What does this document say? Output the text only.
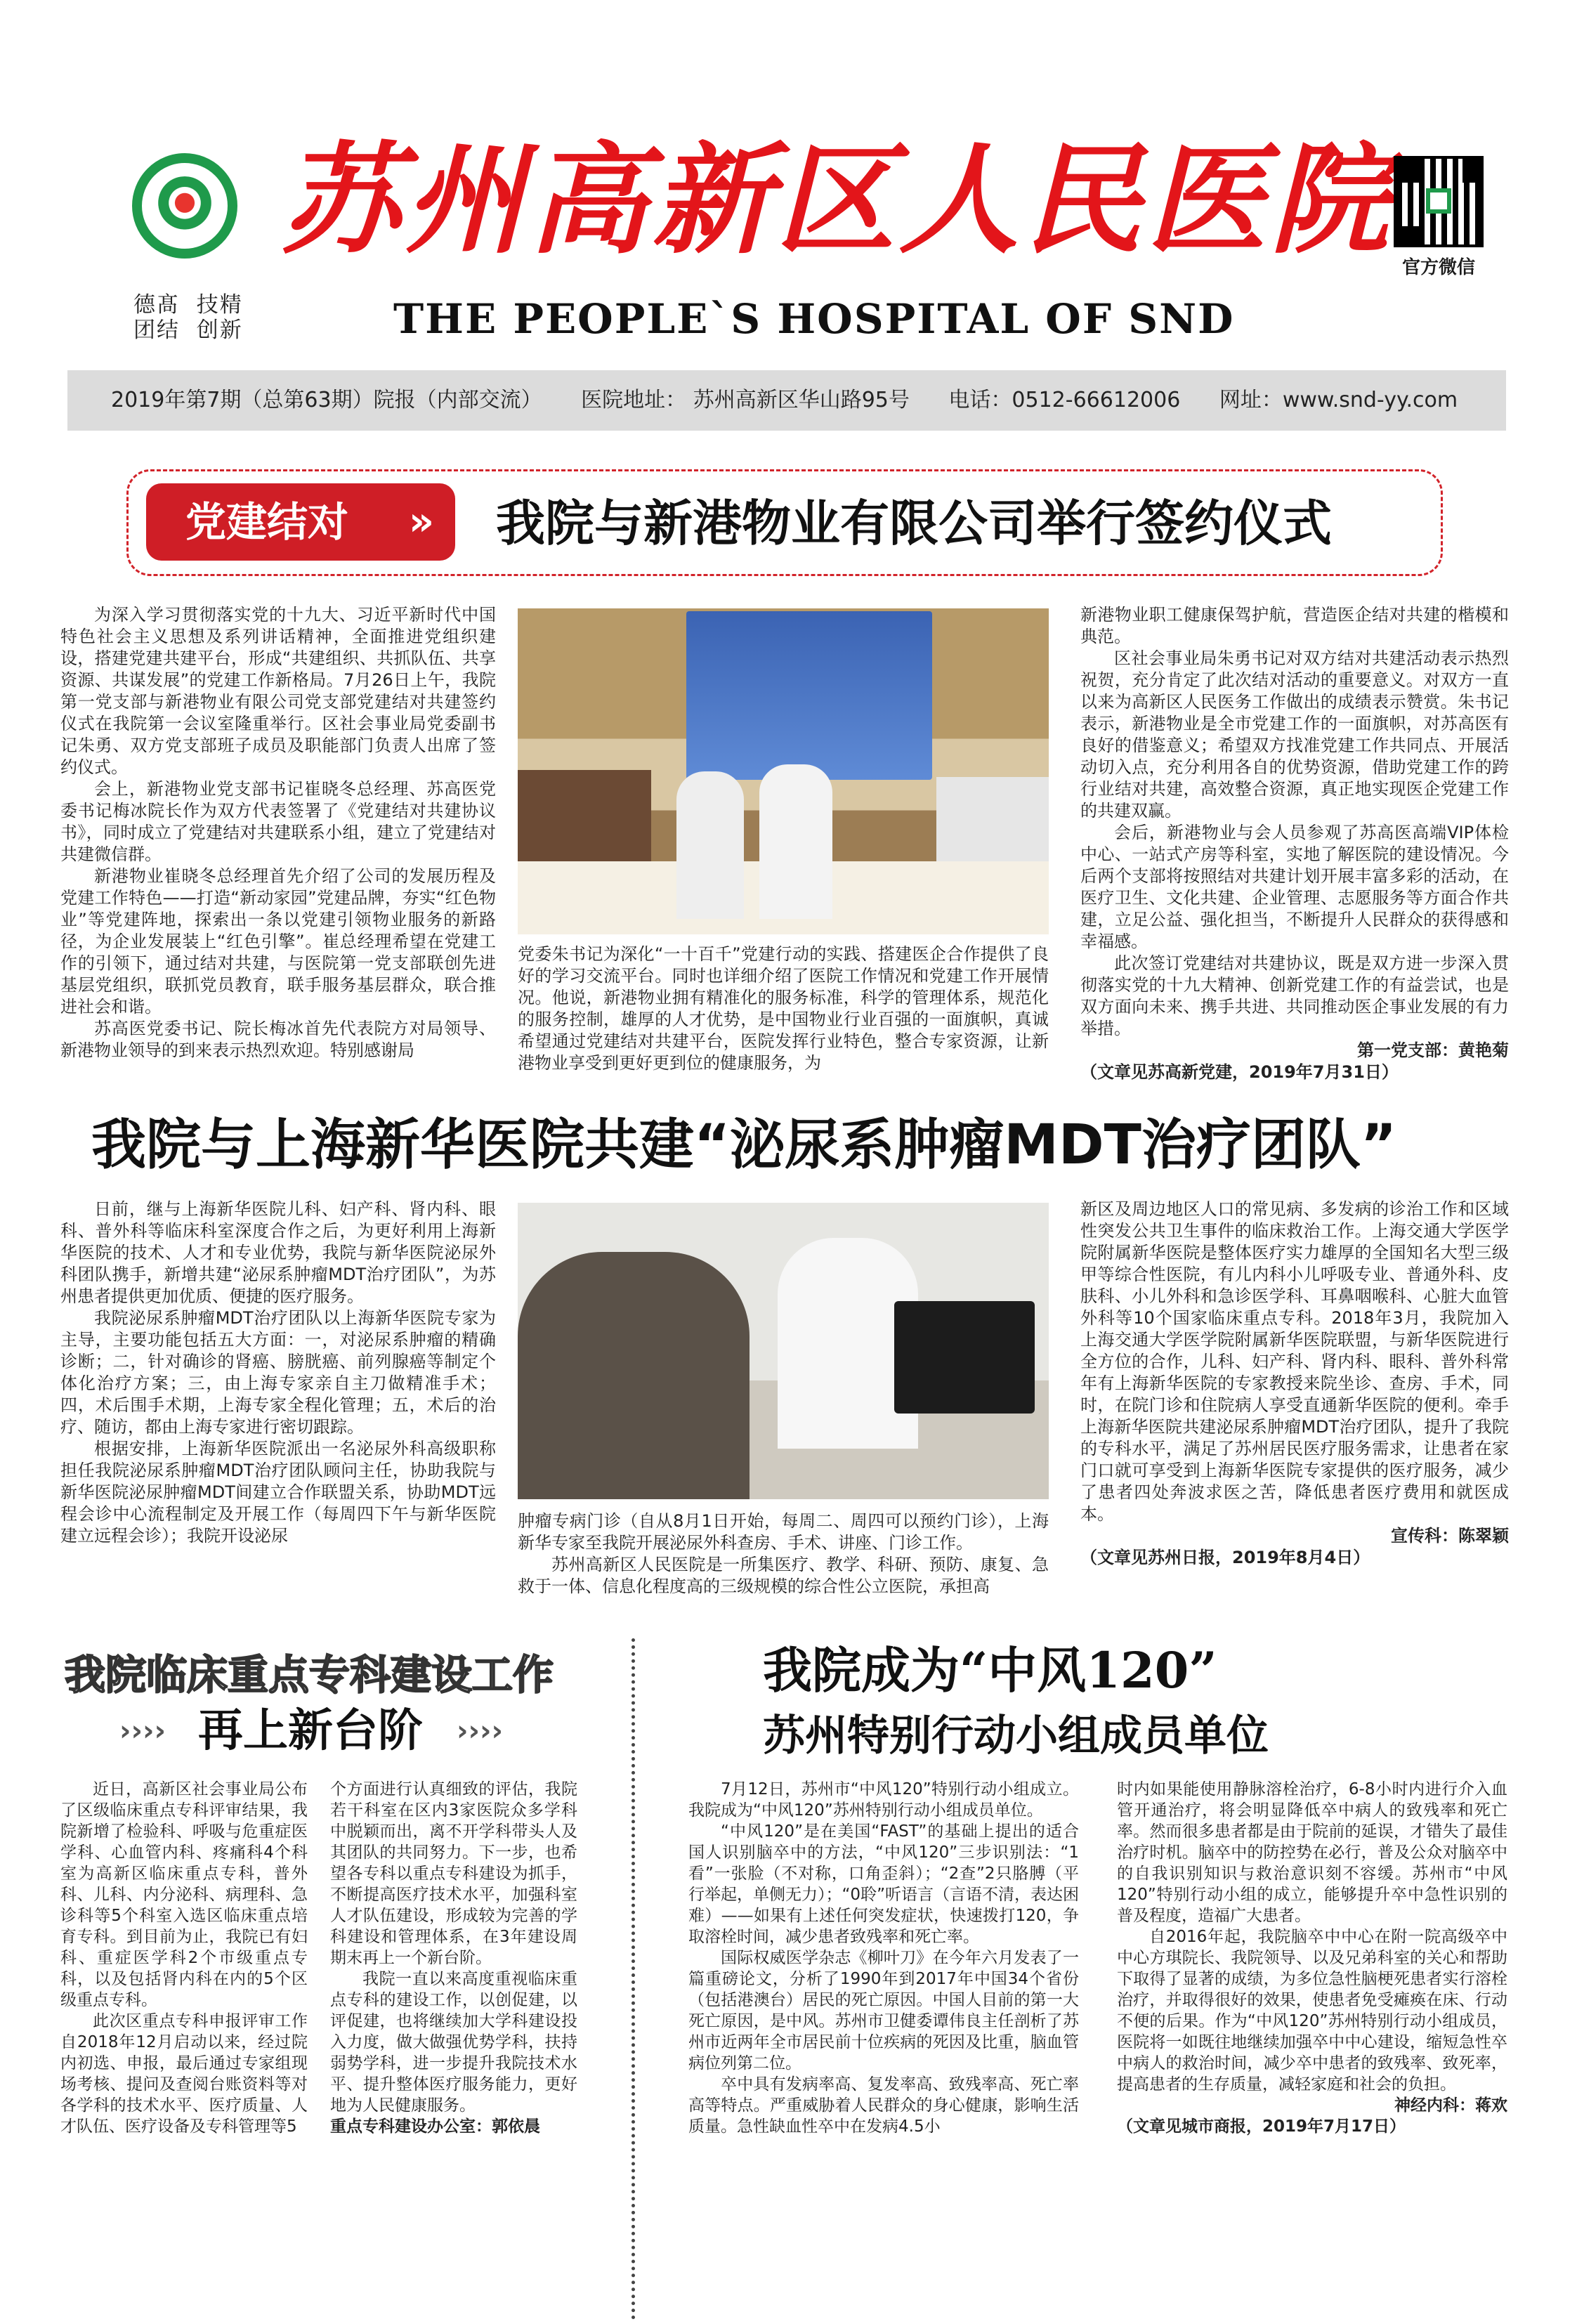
德髙  技精
团结  创新
苏州高新区人民医院
THE PEOPLE`S HOSPITAL OF SND
官方微信
2019年第7期（总第63期）院报（内部交流） 医院地址： 苏州高新区华山路95号 电话：0512-66612006 网址：www.snd-yy.com
党建结对 » 我院与新港物业有限公司举行签约仪式

为深入学习贯彻落实党的十九大、习近平新时代中国特色社会主义思想及系列讲话精神，全面推进党组织建设，搭建党建共建平台，形成“共建组织、共抓队伍、共享资源、共谋发展”的党建工作新格局。7月26日上午，我院第一党支部与新港物业有限公司党支部党建结对共建签约仪式在我院第一会议室隆重举行。区社会事业局党委副书记朱勇、双方党支部班子成员及职能部门负责人出席了签约仪式。

会上，新港物业党支部书记崔晓冬总经理、苏高医党委书记梅冰院长作为双方代表签署了《党建结对共建协议书》，同时成立了党建结对共建联系小组，建立了党建结对共建微信群。

新港物业崔晓冬总经理首先介绍了公司的发展历程及党建工作特色——打造“新动家园”党建品牌，夯实“红色物业”等党建阵地，探索出一条以党建引领物业服务的新路径，为企业发展装上“红色引擎”。崔总经理希望在党建工作的引领下，通过结对共建，与医院第一党支部联创先进基层党组织，联抓党员教育，联手服务基层群众，联合推进社会和谐。

苏高医党委书记、院长梅冰首先代表院方对局领导、新港物业领导的到来表示热烈欢迎。特别感谢局

党委朱书记为深化“一十百千”党建行动的实践、搭建医企合作提供了良好的学习交流平台。同时也详细介绍了医院工作情况和党建工作开展情况。他说，新港物业拥有精准化的服务标准，科学的管理体系，规范化的服务控制，雄厚的人才优势，是中国物业行业百强的一面旗帜，真诚希望通过党建结对共建平台，医院发挥行业特色，整合专家资源，让新港物业享受到更好更到位的健康服务，为

新港物业职工健康保驾护航，营造医企结对共建的楷模和典范。

区社会事业局朱勇书记对双方结对共建活动表示热烈祝贺，充分肯定了此次结对活动的重要意义。对双方一直以来为高新区人民医务工作做出的成绩表示赞赏。朱书记表示，新港物业是全市党建工作的一面旗帜，对苏高医有良好的借鉴意义；希望双方找准党建工作共同点、开展活动切入点，充分利用各自的优势资源，借助党建工作的跨行业结对共建，高效整合资源，真正地实现医企党建工作的共建双赢。

会后，新港物业与会人员参观了苏高医高端VIP体检中心、一站式产房等科室，实地了解医院的建设情况。今后两个支部将按照结对共建计划开展丰富多彩的活动，在医疗卫生、文化共建、企业管理、志愿服务等方面合作共建，立足公益、强化担当，不断提升人民群众的获得感和幸福感。

此次签订党建结对共建协议，既是双方进一步深入贯彻落实党的十九大精神、创新党建工作的有益尝试，也是双方面向未来、携手共进、共同推动医企事业发展的有力举措。

第一党支部：黄艳菊

（文章见苏高新党建，2019年7月31日）

我院与上海新华医院共建“泌尿系肿瘤MDT治疗团队”

日前，继与上海新华医院儿科、妇产科、肾内科、眼科、普外科等临床科室深度合作之后，为更好利用上海新华医院的技术、人才和专业优势，我院与新华医院泌尿外科团队携手，新增共建“泌尿系肿瘤MDT治疗团队”，为苏州患者提供更加优质、便捷的医疗服务。

我院泌尿系肿瘤MDT治疗团队以上海新华医院专家为主导，主要功能包括五大方面：一，对泌尿系肿瘤的精确诊断；二，针对确诊的肾癌、膀胱癌、前列腺癌等制定个体化治疗方案；三，由上海专家亲自主刀做精准手术；四，术后围手术期，上海专家全程化管理；五，术后的治疗、随访，都由上海专家进行密切跟踪。

根据安排，上海新华医院派出一名泌尿外科高级职称担任我院泌尿系肿瘤MDT治疗团队顾问主任，协助我院与新华医院泌尿肿瘤MDT间建立合作联盟关系，协助MDT远程会诊中心流程制定及开展工作（每周四下午与新华医院建立远程会诊）；我院开设泌尿

肿瘤专病门诊（自从8月1日开始，每周二、周四可以预约门诊），上海新华专家至我院开展泌尿外科查房、手术、讲座、门诊工作。

苏州高新区人民医院是一所集医疗、教学、科研、预防、康复、急救于一体、信息化程度高的三级规模的综合性公立医院，承担高

新区及周边地区人口的常见病、多发病的诊治工作和区域性突发公共卫生事件的临床救治工作。上海交通大学医学院附属新华医院是整体医疗实力雄厚的全国知名大型三级甲等综合性医院，有儿内科小儿呼吸专业、普通外科、皮肤科、小儿外科和急诊医学科、耳鼻咽喉科、心脏大血管外科等10个国家临床重点专科。2018年3月，我院加入上海交通大学医学院附属新华医院联盟，与新华医院进行全方位的合作，儿科、妇产科、肾内科、眼科、普外科常年有上海新华医院的专家教授来院坐诊、查房、手术，同时，在院门诊和住院病人享受直通新华医院的便利。牵手上海新华医院共建泌尿系肿瘤MDT治疗团队，提升了我院的专科水平，满足了苏州居民医疗服务需求，让患者在家门口就可享受到上海新华医院专家提供的医疗服务，减少了患者四处奔波求医之苦，降低患者医疗费用和就医成本。

宣传科：陈翠颖

（文章见苏州日报，2019年8月4日）

我院临床重点专科建设工作
›››› 再上新台阶 ››››

近日，高新区社会事业局公布了区级临床重点专科评审结果，我院新增了检验科、呼吸与危重症医学科、心血管内科、疼痛科4个科室为高新区临床重点专科，普外科、儿科、内分泌科、病理科、急诊科等5个科室入选区临床重点培育专科。到目前为止，我院已有妇科、重症医学科2个市级重点专科，以及包括肾内科在内的5个区级重点专科。

此次区重点专科申报评审工作自2018年12月启动以来，经过院内初选、申报，最后通过专家组现场考核、提问及查阅台账资料等对各学科的技术水平、医疗质量、人才队伍、医疗设备及专科管理等5

个方面进行认真细致的评估，我院若干科室在区内3家医院众多学科中脱颖而出，离不开学科带头人及其团队的共同努力。下一步，也希望各专科以重点专科建设为抓手，不断提高医疗技术水平，加强科室人才队伍建设，形成较为完善的学科建设和管理体系，在3年建设周期末再上一个新台阶。

我院一直以来高度重视临床重点专科的建设工作，以创促建，以评促建，也将继续加大学科建设投入力度，做大做强优势学科，扶持弱势学科，进一步提升我院技术水平、提升整体医疗服务能力，更好地为人民健康服务。

重点专科建设办公室：郭依晨

我院成为“中风120”
苏州特别行动小组成员单位

7月12日，苏州市“中风120”特别行动小组成立。我院成为“中风120”苏州特别行动小组成员单位。

“中风120”是在美国“FAST”的基础上提出的适合国人识别脑卒中的方法，“中风120”三步识别法：“1看”一张脸（不对称，口角歪斜）；“2查”2只胳膊（平行举起，单侧无力）；“0聆”听语言（言语不清，表达困难）——如果有上述任何突发症状，快速拨打120，争取溶栓时间，减少患者致残率和死亡率。

国际权威医学杂志《柳叶刀》在今年六月发表了一篇重磅论文，分析了1990年到2017年中国34个省份（包括港澳台）居民的死亡原因。中国人目前的第一大死亡原因，是中风。苏州市卫健委谭伟良主任剖析了苏州市近两年全市居民前十位疾病的死因及比重，脑血管病位列第二位。

卒中具有发病率高、复发率高、致残率高、死亡率高等特点。严重威胁着人民群众的身心健康，影响生活质量。急性缺血性卒中在发病4.5小

时内如果能使用静脉溶栓治疗，6-8小时内进行介入血管开通治疗，将会明显降低卒中病人的致残率和死亡率。然而很多患者都是由于院前的延误，才错失了最佳治疗时机。脑卒中的防控势在必行，普及公众对脑卒中的自我识别知识与救治意识刻不容缓。苏州市“中风120”特别行动小组的成立，能够提升卒中急性识别的普及程度，造福广大患者。

自2016年起，我院脑卒中中心在附一院高级卒中中心方琪院长、我院领导、以及兄弟科室的关心和帮助下取得了显著的成绩，为多位急性脑梗死患者实行溶栓治疗，并取得很好的效果，使患者免受瘫痪在床、行动不便的后果。作为“中风120”苏州特别行动小组成员，医院将一如既往地继续加强卒中中心建设，缩短急性卒中病人的救治时间，减少卒中患者的致残率、致死率，提高患者的生存质量，减轻家庭和社会的负担。

神经内科：蒋欢

（文章见城市商报，2019年7月17日）
